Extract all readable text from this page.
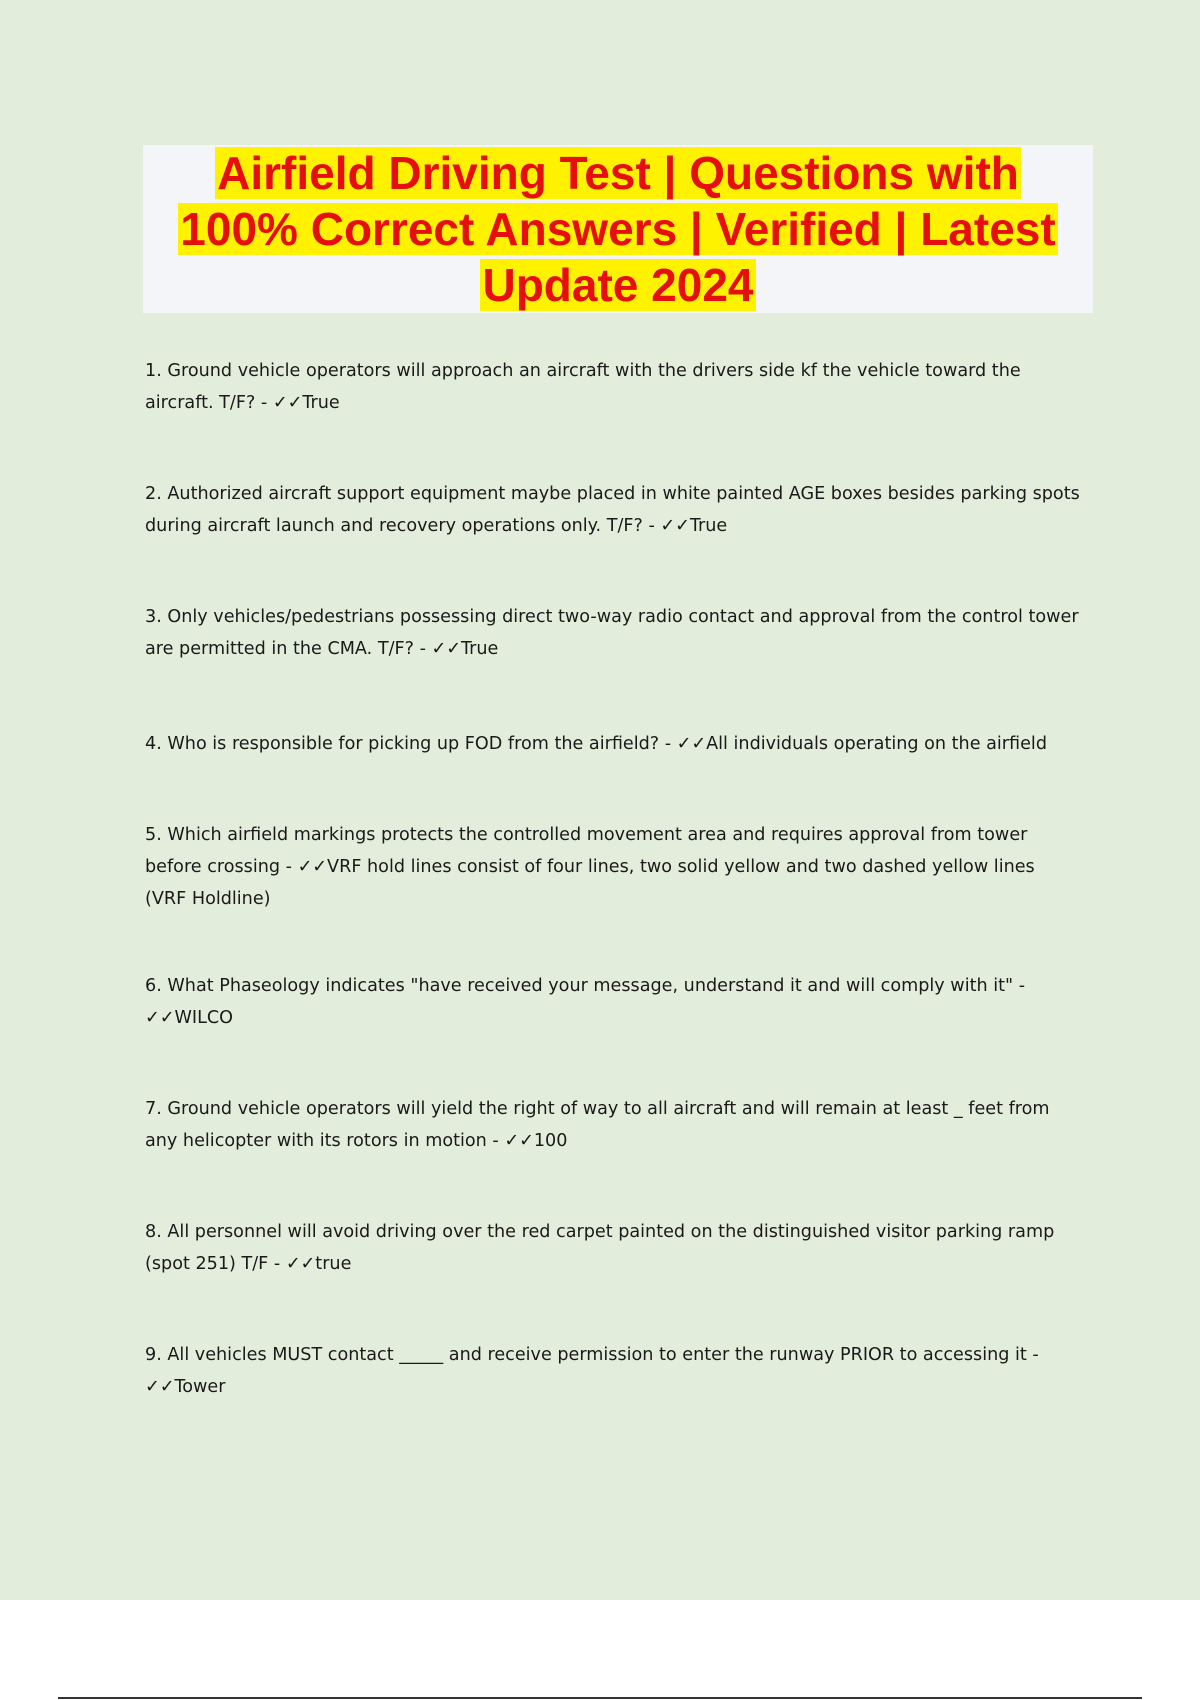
Airfield Driving Test | Questions with
100% Correct Answers | Verified | Latest
Update 2024

1. Ground vehicle operators will approach an aircraft with the drivers side kf the vehicle toward the aircraft. T/F? - ✓✓True

2. Authorized aircraft support equipment maybe placed in white painted AGE boxes besides parking spots during aircraft launch and recovery operations only. T/F? - ✓✓True

3. Only vehicles/pedestrians possessing direct two-way radio contact and approval from the control tower are permitted in the CMA. T/F? - ✓✓True

4. Who is responsible for picking up FOD from the airfield? - ✓✓All individuals operating on the airfield

5. Which airfield markings protects the controlled movement area and requires approval from tower before crossing - ✓✓VRF hold lines consist of four lines, two solid yellow and two dashed yellow lines (VRF Holdline)

6. What Phaseology indicates "have received your message, understand it and will comply with it" - ✓✓WILCO

7. Ground vehicle operators will yield the right of way to all aircraft and will remain at least _ feet from any helicopter with its rotors in motion - ✓✓100

8. All personnel will avoid driving over the red carpet painted on the distinguished visitor parking ramp (spot 251) T/F - ✓✓true

9. All vehicles MUST contact _____ and receive permission to enter the runway PRIOR to accessing it - ✓✓Tower
